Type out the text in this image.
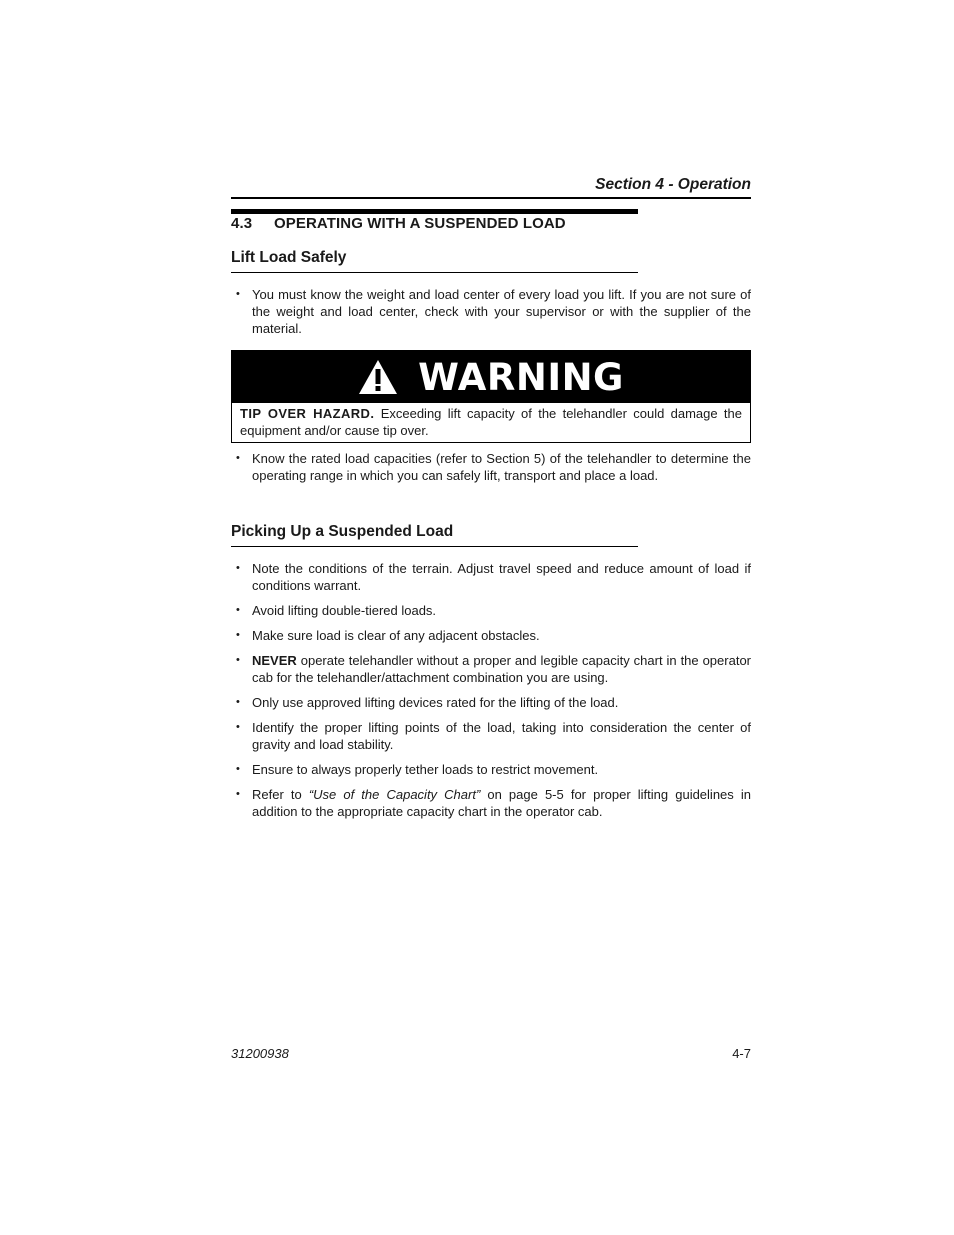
Section 4 - Operation
4.3 OPERATING WITH A SUSPENDED LOAD
Lift Load Safely
• You must know the weight and load center of every load you lift. If you are not sure of the weight and load center, check with your supervisor or with the supplier of the material.
WARNING
TIP OVER HAZARD. Exceeding lift capacity of the telehandler could damage the equipment and/or cause tip over.
• Know the rated load capacities (refer to Section 5) of the telehandler to determine the operating range in which you can safely lift, transport and place a load.
Picking Up a Suspended Load
• Note the conditions of the terrain. Adjust travel speed and reduce amount of load if conditions warrant.
• Avoid lifting double-tiered loads.
• Make sure load is clear of any adjacent obstacles.
• NEVER operate telehandler without a proper and legible capacity chart in the operator cab for the telehandler/attachment combination you are using.
• Only use approved lifting devices rated for the lifting of the load.
• Identify the proper lifting points of the load, taking into consideration the center of gravity and load stability.
• Ensure to always properly tether loads to restrict movement.
• Refer to “Use of the Capacity Chart” on page 5-5 for proper lifting guidelines in addition to the appropriate capacity chart in the operator cab.
31200938	4-7
